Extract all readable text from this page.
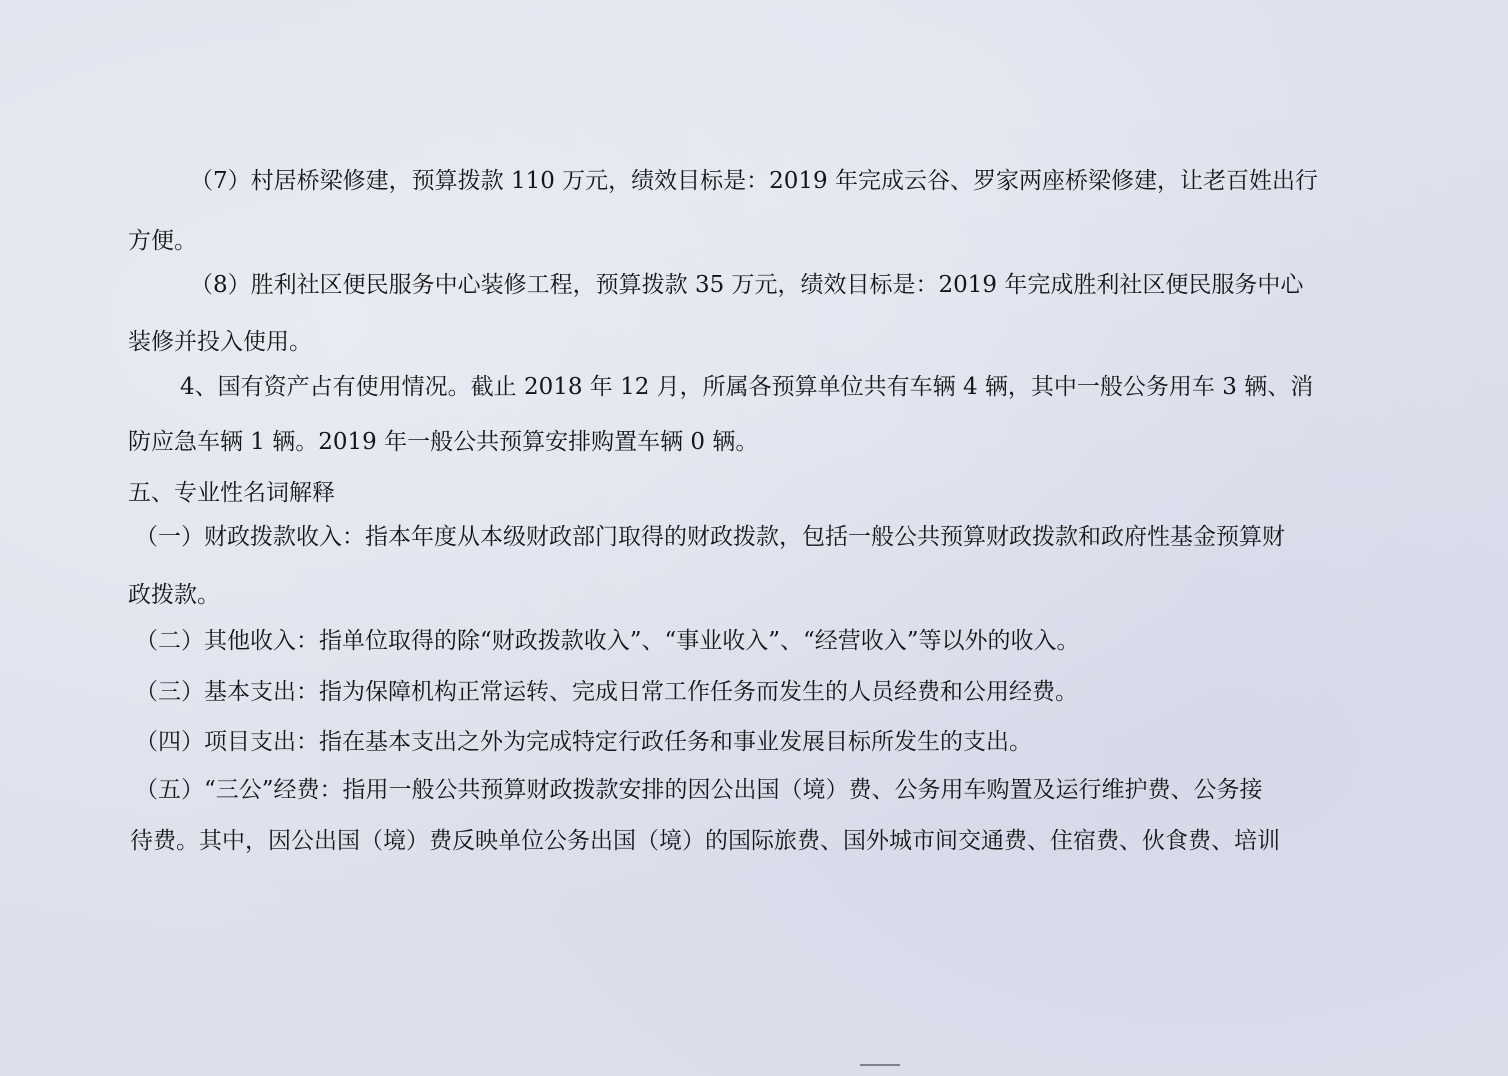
（7）村居桥梁修建，预算拨款 110 万元，绩效目标是：2019 年完成云谷、罗家两座桥梁修建，让老百姓出行
方便。
（8）胜利社区便民服务中心装修工程，预算拨款 35 万元，绩效目标是：2019 年完成胜利社区便民服务中心
装修并投入使用。
4、国有资产占有使用情况。截止 2018 年 12 月，所属各预算单位共有车辆 4 辆，其中一般公务用车 3 辆、消
防应急车辆 1 辆。2019 年一般公共预算安排购置车辆 0 辆。
五、专业性名词解释
（一）财政拨款收入：指本年度从本级财政部门取得的财政拨款，包括一般公共预算财政拨款和政府性基金预算财
政拨款。
（二）其他收入：指单位取得的除“财政拨款收入”、“事业收入”、“经营收入”等以外的收入。
（三）基本支出：指为保障机构正常运转、完成日常工作任务而发生的人员经费和公用经费。
（四）项目支出：指在基本支出之外为完成特定行政任务和事业发展目标所发生的支出。
（五）“三公”经费：指用一般公共预算财政拨款安排的因公出国（境）费、公务用车购置及运行维护费、公务接
待费。其中，因公出国（境）费反映单位公务出国（境）的国际旅费、国外城市间交通费、住宿费、伙食费、培训
